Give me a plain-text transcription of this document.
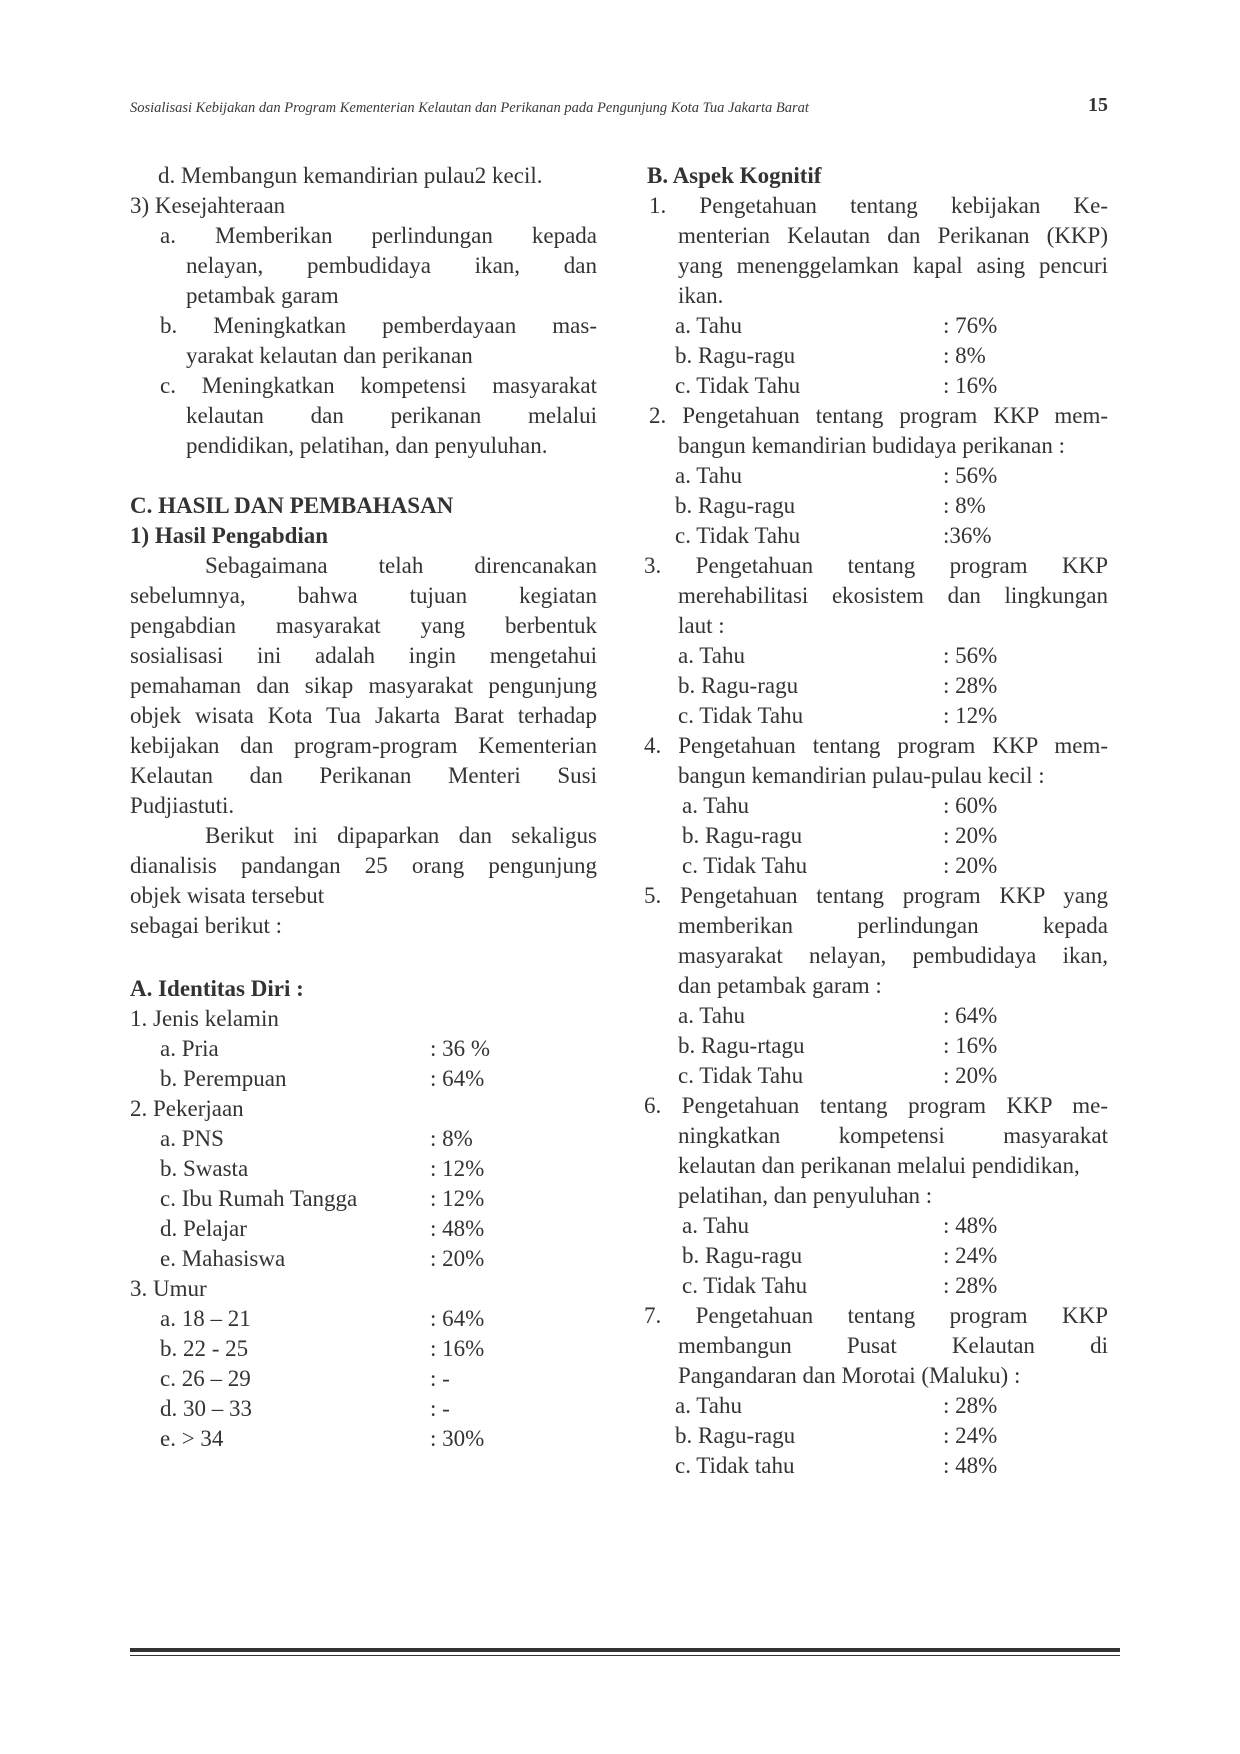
Sosialisasi Kebijakan dan Program Kementerian Kelautan dan Perikanan pada Pengunjung Kota Tua Jakarta Barat	15
d. Membangun kemandirian pulau2 kecil.
3) Kesejahteraan
a. Memberikan perlindungan kepada
nelayan, pembudidaya ikan, dan
petambak garam
b. Meningkatkan pemberdayaan mas-
yarakat kelautan dan perikanan
c. Meningkatkan kompetensi masyarakat
kelautan dan perikanan melalui
pendidikan, pelatihan, dan penyuluhan.
C. HASIL DAN PEMBAHASAN
1) Hasil Pengabdian
Sebagaimana telah direncanakan
sebelumnya, bahwa tujuan kegiatan
pengabdian masyarakat yang berbentuk
sosialisasi ini adalah ingin mengetahui
pemahaman dan sikap masyarakat pengunjung
objek wisata Kota Tua Jakarta Barat terhadap
kebijakan dan program-program Kementerian
Kelautan dan Perikanan Menteri Susi
Pudjiastuti.
Berikut ini dipaparkan dan sekaligus
dianalisis pandangan 25 orang pengunjung
objek wisata tersebut
sebagai berikut :
A. Identitas Diri :
1. Jenis kelamin
a. Pria	: 36 %
b. Perempuan	: 64%
2. Pekerjaan
a. PNS	: 8%
b. Swasta	: 12%
c. Ibu Rumah Tangga	: 12%
d. Pelajar	: 48%
e. Mahasiswa	: 20%
3. Umur
a. 18 – 21	: 64%
b. 22 - 25	: 16%
c. 26 – 29	: -
d. 30 – 33	: -
e. > 34	: 30%
B. Aspek Kognitif
1. Pengetahuan tentang kebijakan Ke-
menterian Kelautan dan Perikanan (KKP)
yang menenggelamkan kapal asing pencuri
ikan.
a. Tahu	: 76%
b. Ragu-ragu	: 8%
c. Tidak Tahu	: 16%
2. Pengetahuan tentang program KKP mem-
bangun kemandirian budidaya perikanan :
a. Tahu	: 56%
b. Ragu-ragu	: 8%
c. Tidak Tahu	:36%
3. Pengetahuan tentang program KKP
merehabilitasi ekosistem dan lingkungan
laut :
a. Tahu	: 56%
b. Ragu-ragu	: 28%
c. Tidak Tahu	: 12%
4. Pengetahuan tentang program KKP mem-
bangun kemandirian pulau-pulau kecil :
a. Tahu	: 60%
b. Ragu-ragu	: 20%
c. Tidak Tahu	: 20%
5. Pengetahuan tentang program KKP yang
memberikan perlindungan kepada
masyarakat nelayan, pembudidaya ikan,
dan petambak garam :
a. Tahu	: 64%
b. Ragu-rtagu	: 16%
c. Tidak Tahu	: 20%
6. Pengetahuan tentang program KKP me-
ningkatkan kompetensi masyarakat
kelautan dan perikanan melalui pendidikan,
pelatihan, dan penyuluhan :
a. Tahu	: 48%
b. Ragu-ragu	: 24%
c. Tidak Tahu	: 28%
7. Pengetahuan tentang program KKP
membangun Pusat Kelautan di
Pangandaran dan Morotai (Maluku) :
a. Tahu	: 28%
b. Ragu-ragu	: 24%
c. Tidak tahu	: 48%
